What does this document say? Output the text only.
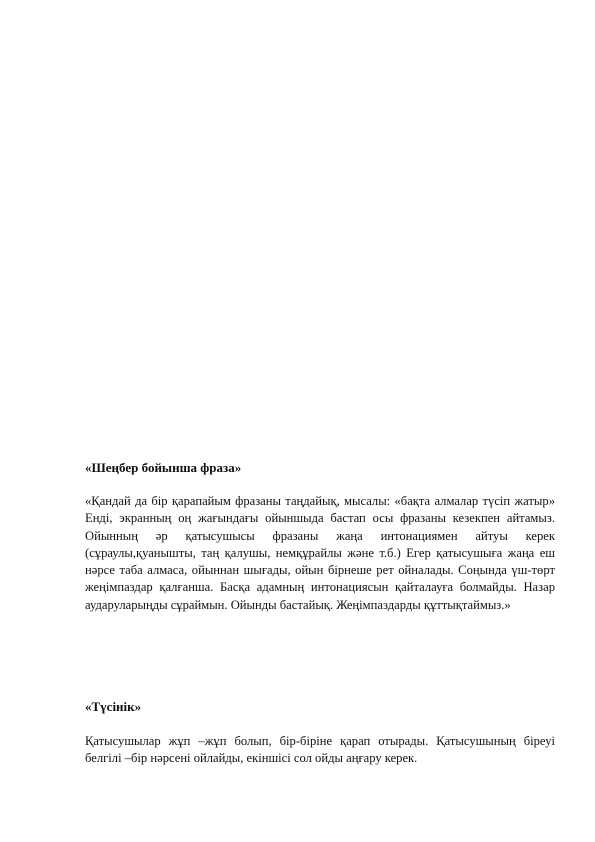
«Шеңбер бойынша фраза»

«Қандай да бір қарапайым фразаны таңдайық, мысалы: «бақта алмалар түсіп жатыр» Енді, экранның оң жағындағы ойыншыда бастап осы фразаны кезекпен айтамыз. Ойынның әр қатысушысы фразаны жаңа интонациямен айтуы керек (сұраулы,қуанышты, таң қалушы, немқұрайлы және т.б.) Егер қатысушыға жаңа еш нәрсе таба алмаса, ойыннан шығады, ойын бірнеше рет ойналады. Соңында үш-төрт жеңімпаздар қалғанша. Басқа адамның интонациясын қайталауға болмайды. Назар аударуларыңды сұраймын. Ойынды бастайық. Жеңімпаздарды құттықтаймыз.»

«Түсінік»

Қатысушылар жұп –жұп болып, бір-біріне қарап отырады. Қатысушының біреуі белгілі –бір нәрсені ойлайды, екіншісі сол ойды аңғару керек.
